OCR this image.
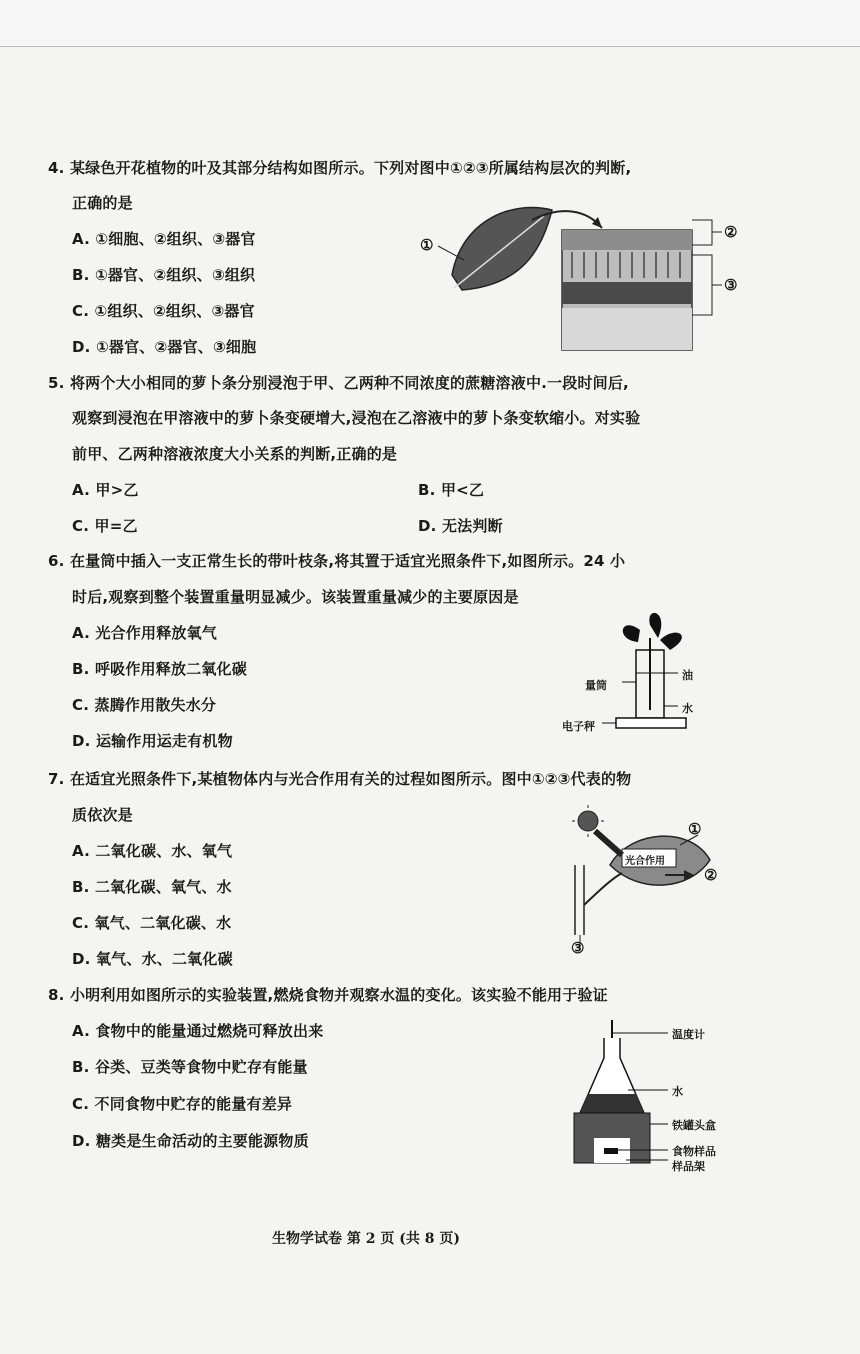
4. 某绿色开花植物的叶及其部分结构如图所示。下列对图中①②③所属结构层次的判断,
正确的是
A. ①细胞、②组织、③器官
B. ①器官、②组织、③组织
C. ①组织、②组织、③器官
D. ①器官、②器官、③细胞
①
②
③
5. 将两个大小相同的萝卜条分别浸泡于甲、乙两种不同浓度的蔗糖溶液中.一段时间后,
观察到浸泡在甲溶液中的萝卜条变硬增大,浸泡在乙溶液中的萝卜条变软缩小。对实验
前甲、乙两种溶液浓度大小关系的判断,正确的是
A. 甲>乙	B. 甲<乙
C. 甲=乙	D. 无法判断
6. 在量筒中插入一支正常生长的带叶枝条,将其置于适宜光照条件下,如图所示。24 小
时后,观察到整个装置重量明显减少。该装置重量减少的主要原因是
A. 光合作用释放氧气
B. 呼吸作用释放二氧化碳
C. 蒸腾作用散失水分
D. 运输作用运走有机物
量筒
油
水
电子秤
7. 在适宜光照条件下,某植物体内与光合作用有关的过程如图所示。图中①②③代表的物
质依次是
A. 二氧化碳、水、氧气
B. 二氧化碳、氧气、水
C. 氧气、二氧化碳、水
D. 氧气、水、二氧化碳
①
②
③
光合作用
8. 小明利用如图所示的实验装置,燃烧食物并观察水温的变化。该实验不能用于验证
A. 食物中的能量通过燃烧可释放出来
B. 谷类、豆类等食物中贮存有能量
C. 不同食物中贮存的能量有差异
D. 糖类是生命活动的主要能源物质
温度计
水
铁罐头盒
食物样品
样品架
生物学试卷 第 2 页 (共 8 页)
